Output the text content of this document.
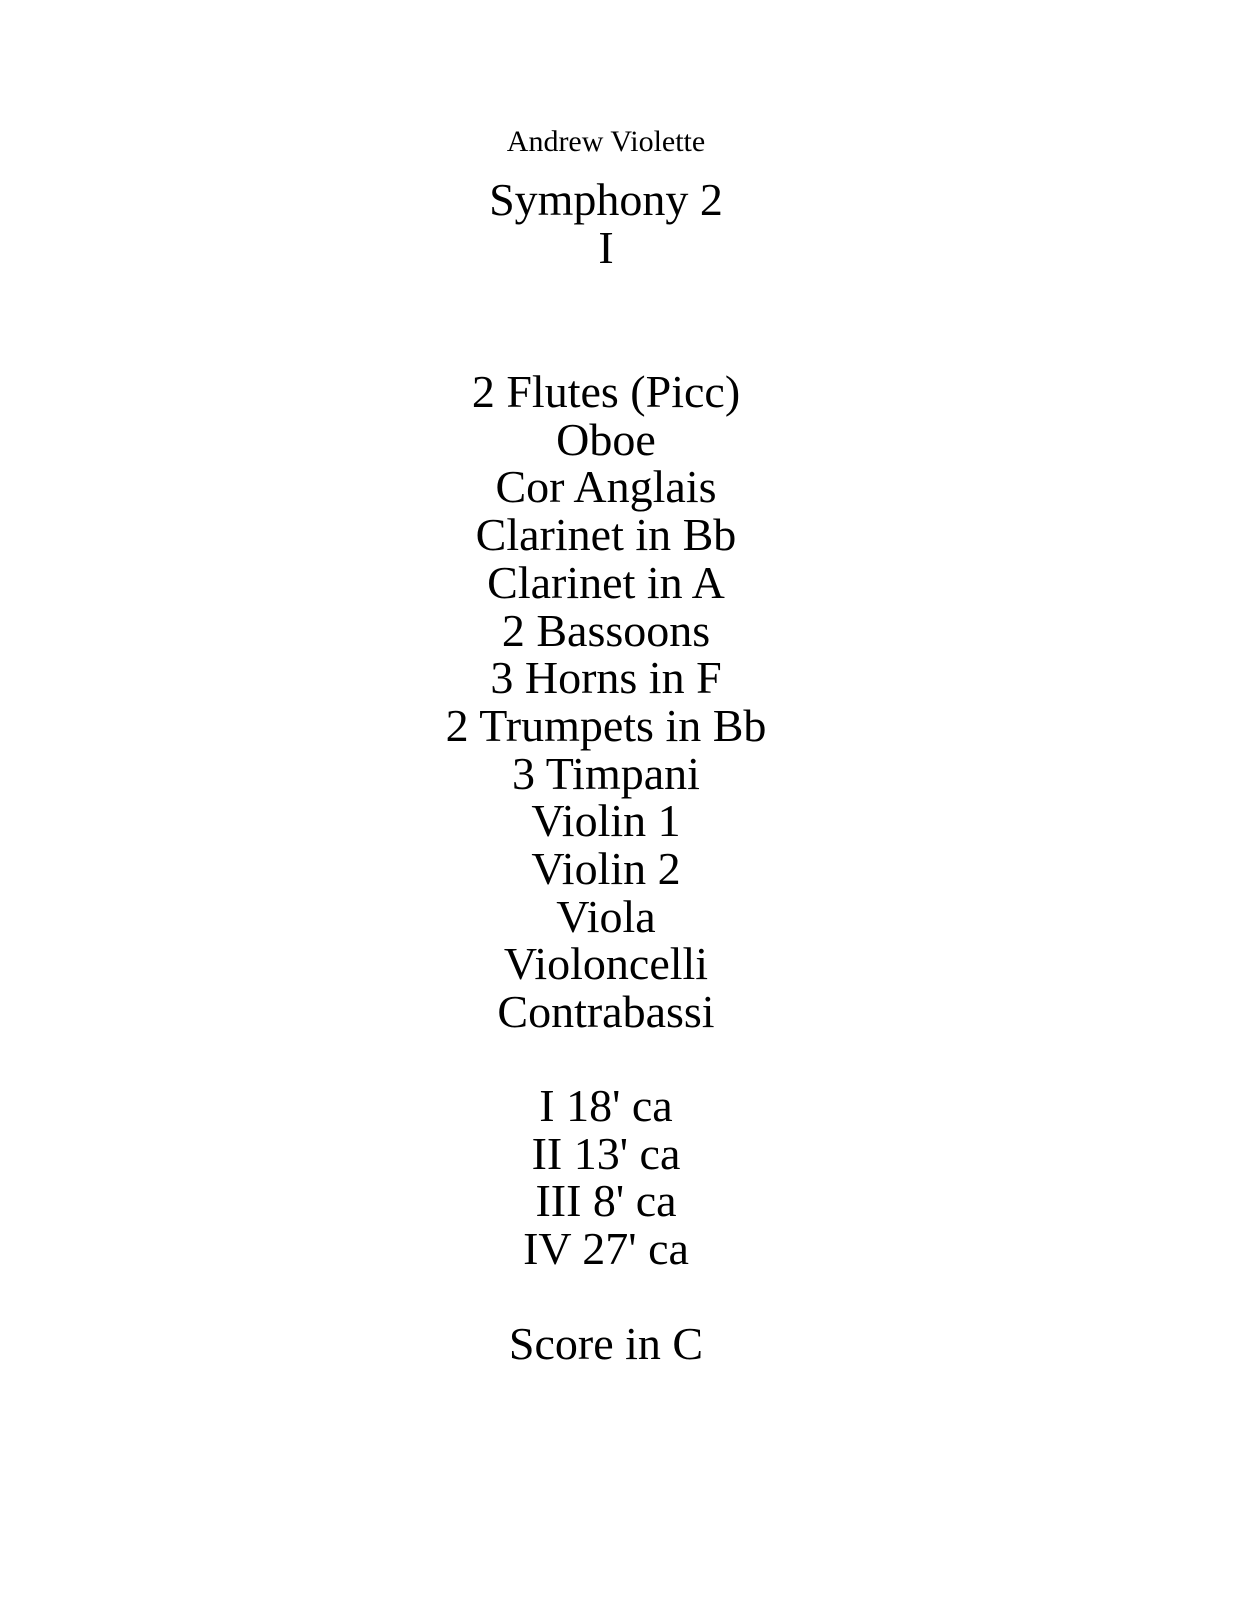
Andrew Violette
Symphony 2
I
2 Flutes (Picc)
Oboe
Cor Anglais
Clarinet in Bb
Clarinet in A
2 Bassoons
3 Horns in F
2 Trumpets in Bb
3 Timpani
Violin 1
Violin 2
Viola
Violoncelli
Contrabassi
I 18' ca
II 13' ca
III 8' ca
IV 27' ca
Score in C
